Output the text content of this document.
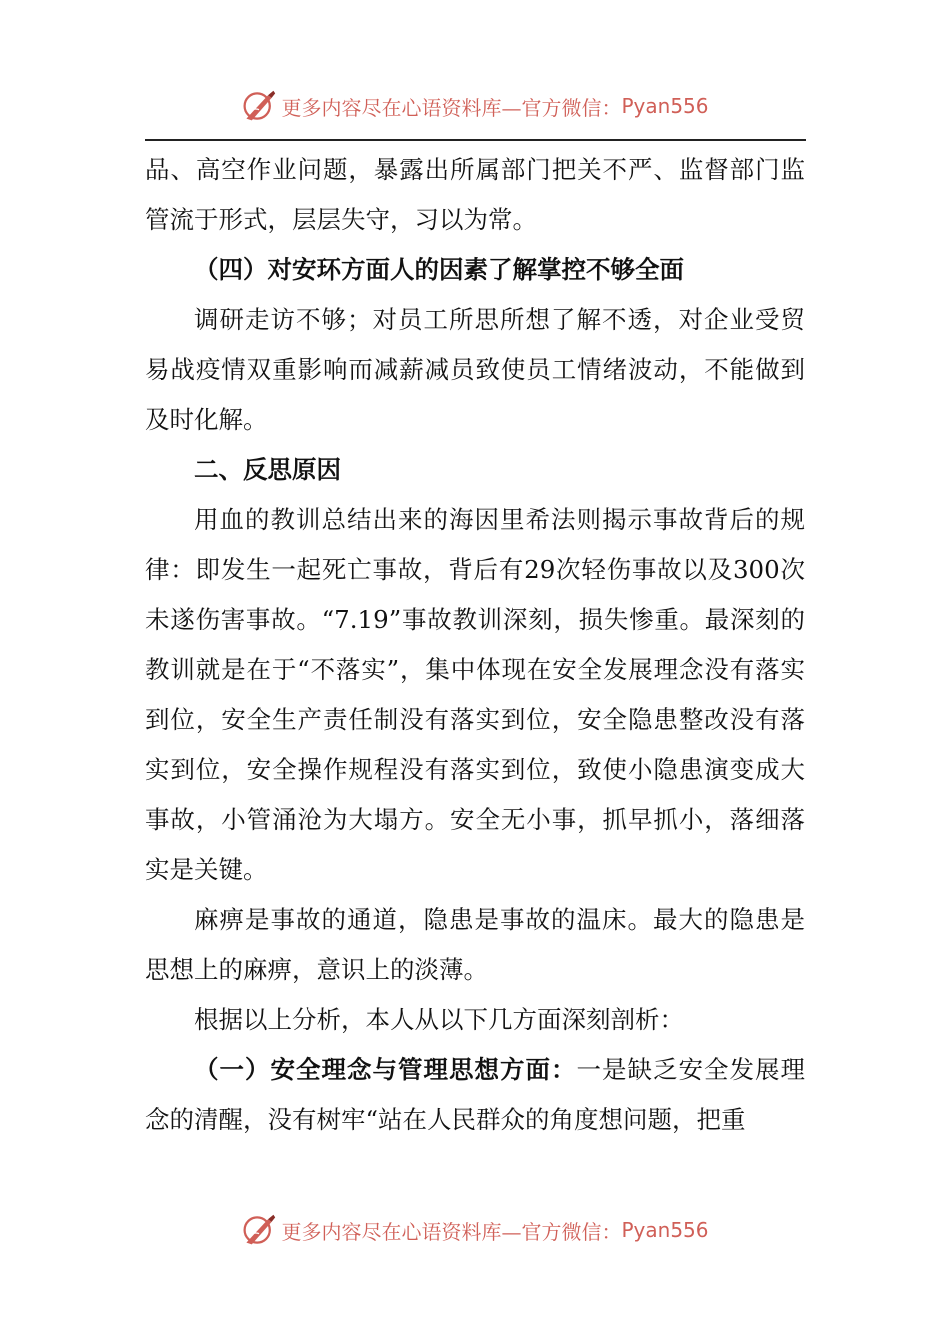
更多内容尽在心语资料库—官方微信： Pyan556

品、高空作业问题，暴露出所属部门把关不严、监督部门监管流于形式，层层失守，习以为常。

（四）对安环方面人的因素了解掌控不够全面

调研走访不够；对员工所思所想了解不透，对企业受贸易战疫情双重影响而减薪减员致使员工情绪波动，不能做到及时化解。

二、反思原因

用血的教训总结出来的海因里希法则揭示事故背后的规律：即发生一起死亡事故，背后有29次轻伤事故以及300次未遂伤害事故。“7.19”事故教训深刻，损失惨重。最深刻的教训就是在于“不落实”，集中体现在安全发展理念没有落实到位，安全生产责任制没有落实到位，安全隐患整改没有落实到位，安全操作规程没有落实到位，致使小隐患演变成大事故，小管涌沧为大塌方。安全无小事，抓早抓小，落细落实是关键。

麻痹是事故的通道，隐患是事故的温床。最大的隐患是思想上的麻痹，意识上的淡薄。

根据以上分析，本人从以下几方面深刻剖析：

（一）安全理念与管理思想方面：一是缺乏安全发展理念的清醒，没有树牢“站在人民群众的角度想问题，把重

更多内容尽在心语资料库—官方微信： Pyan556
